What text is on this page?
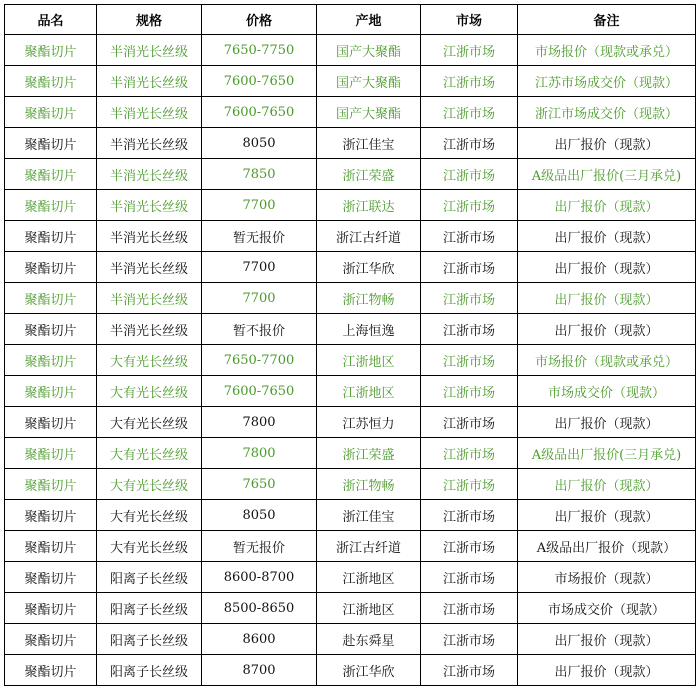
品名	规格	价格	产地	市场	备注
聚酯切片	半消光长丝级	7650-7750	国产大聚酯	江浙市场	市场报价（现款或承兑）
聚酯切片	半消光长丝级	7600-7650	国产大聚酯	江浙市场	江苏市场成交价（现款）
聚酯切片	半消光长丝级	7600-7650	国产大聚酯	江浙市场	浙江市场成交价（现款）
聚酯切片	半消光长丝级	8050	浙江佳宝	江浙市场	出厂报价（现款）
聚酯切片	半消光长丝级	7850	浙江荣盛	江浙市场	A级品出厂报价(三月承兑)
聚酯切片	半消光长丝级	7700	浙江联达	江浙市场	出厂报价（现款）
聚酯切片	半消光长丝级	暂无报价	浙江古纤道	江浙市场	出厂报价（现款）
聚酯切片	半消光长丝级	7700	浙江华欣	江浙市场	出厂报价（现款）
聚酯切片	半消光长丝级	7700	浙江物畅	江浙市场	出厂报价（现款）
聚酯切片	半消光长丝级	暂不报价	上海恒逸	江浙市场	出厂报价（现款）
聚酯切片	大有光长丝级	7650-7700	江浙地区	江浙市场	市场报价（现款或承兑）
聚酯切片	大有光长丝级	7600-7650	江浙地区	江浙市场	市场成交价（现款）
聚酯切片	大有光长丝级	7800	江苏恒力	江浙市场	出厂报价（现款）
聚酯切片	大有光长丝级	7800	浙江荣盛	江浙市场	A级品出厂报价(三月承兑)
聚酯切片	大有光长丝级	7650	浙江物畅	江浙市场	出厂报价（现款）
聚酯切片	大有光长丝级	8050	浙江佳宝	江浙市场	出厂报价（现款）
聚酯切片	大有光长丝级	暂无报价	浙江古纤道	江浙市场	A级品出厂报价（现款）
聚酯切片	阳离子长丝级	8600-8700	江浙地区	江浙市场	市场报价（现款）
聚酯切片	阳离子长丝级	8500-8650	江浙地区	江浙市场	市场成交价（现款）
聚酯切片	阳离子长丝级	8600	赴东舜星	江浙市场	出厂报价（现款）
聚酯切片	阳离子长丝级	8700	浙江华欣	江浙市场	出厂报价（现款）
